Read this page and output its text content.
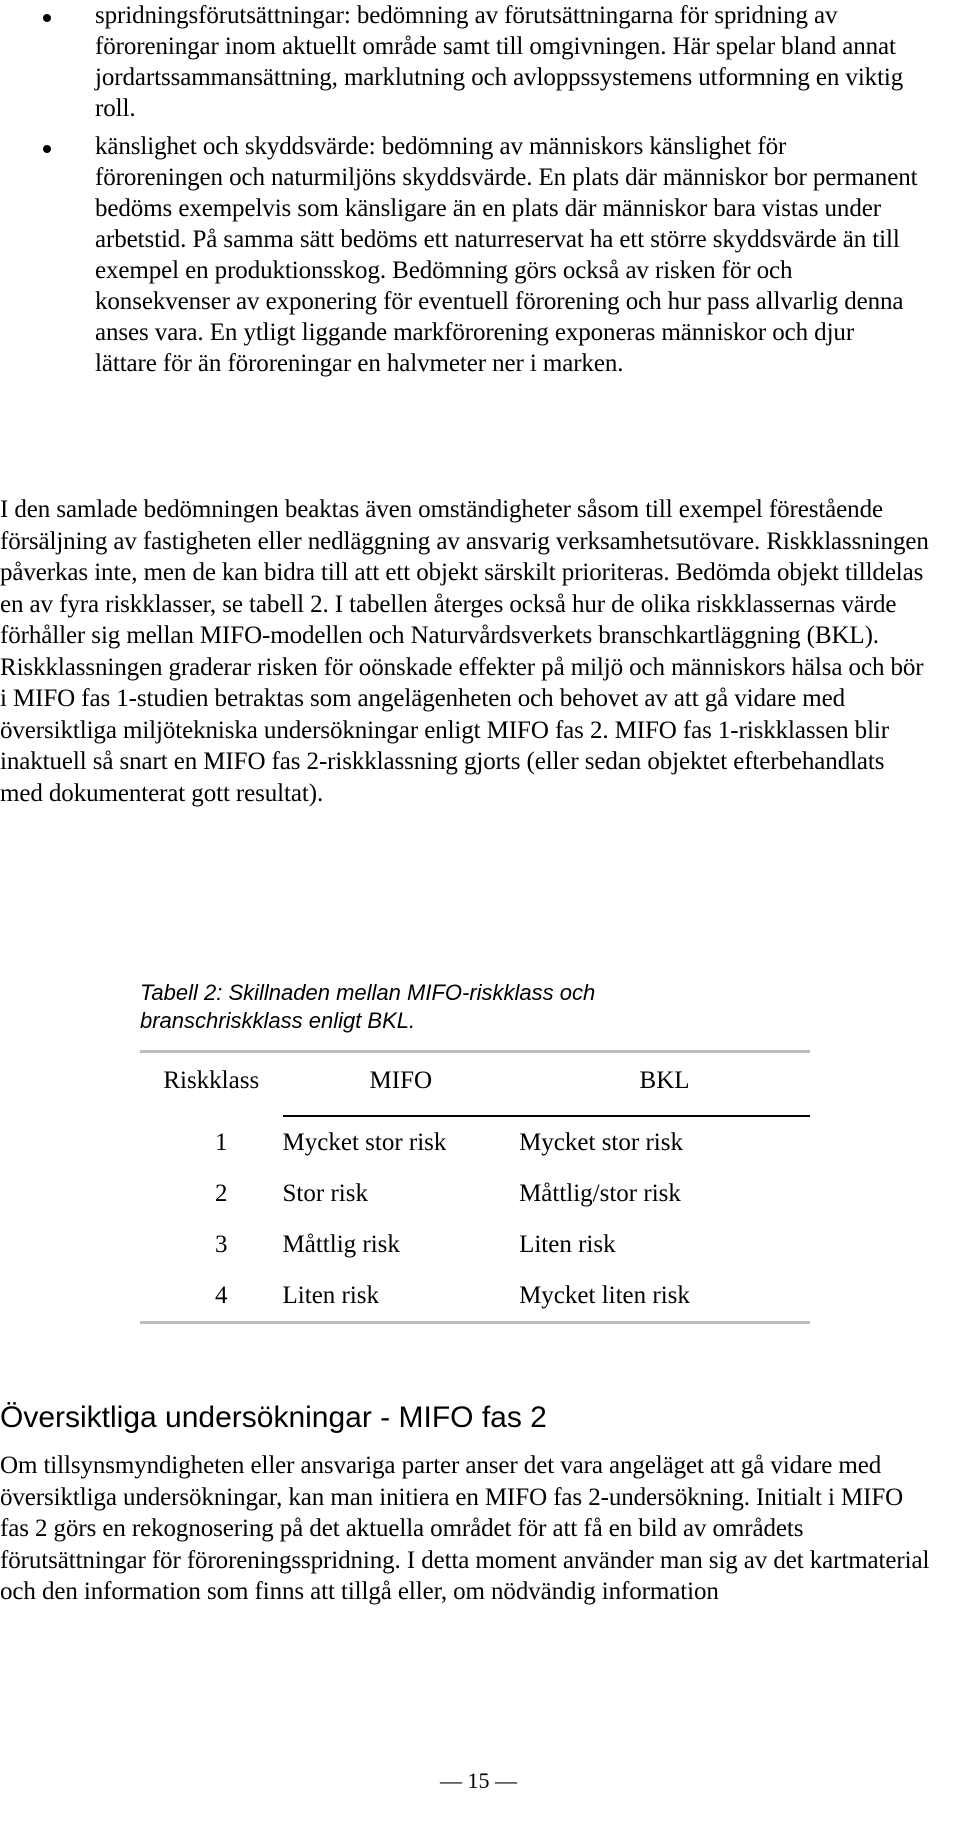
spridningsförutsättningar: bedömning av förutsättningarna för spridning av föroreningar inom aktuellt område samt till omgivningen. Här spelar bland annat jordartssammansättning, marklutning och avloppssystemens utformning en viktig roll.
känslighet och skyddsvärde: bedömning av människors känslighet för föroreningen och naturmiljöns skyddsvärde. En plats där människor bor permanent bedöms exempelvis som känsligare än en plats där människor bara vistas under arbetstid. På samma sätt bedöms ett naturreservat ha ett större skyddsvärde än till exempel en produktionsskog. Bedömning görs också av risken för och konsekvenser av exponering för eventuell förorening och hur pass allvarlig denna anses vara. En ytligt liggande markförorening exponeras människor och djur lättare för än föroreningar en halvmeter ner i marken.

I den samlade bedömningen beaktas även omständigheter såsom till exempel förestående försäljning av fastigheten eller nedläggning av ansvarig verksamhetsutövare. Riskklassningen påverkas inte, men de kan bidra till att ett objekt särskilt prioriteras. Bedömda objekt tilldelas en av fyra riskklasser, se tabell 2. I tabellen återges också hur de olika riskklassernas värde förhåller sig mellan MIFO-modellen och Naturvårdsverkets branschkartläggning (BKL). Riskklassningen graderar risken för oönskade effekter på miljö och människors hälsa och bör i MIFO fas 1-studien betraktas som angelägenheten och behovet av att gå vidare med översiktliga miljötekniska undersökningar enligt MIFO fas 2. MIFO fas 1-riskklassen blir inaktuell så snart en MIFO fas 2-riskklassning gjorts (eller sedan objektet efterbehandlats med dokumenterat gott resultat).

Tabell 2: Skillnaden mellan MIFO-riskklass och branschriskklass enligt BKL.

Riskklass	MIFO	BKL

1	Mycket stor risk	Mycket stor risk
2	Stor risk	Måttlig/stor risk
3	Måttlig risk	Liten risk
4	Liten risk	Mycket liten risk

Översiktliga undersökningar - MIFO fas 2

Om tillsynsmyndigheten eller ansvariga parter anser det vara angeläget att gå vidare med översiktliga undersökningar, kan man initiera en MIFO fas 2-undersökning. Initialt i MIFO fas 2 görs en rekognosering på det aktuella området för att få en bild av områdets förutsättningar för föroreningsspridning. I detta moment använder man sig av det kartmaterial och den information som finns att tillgå eller, om nödvändig information

— 15 —
